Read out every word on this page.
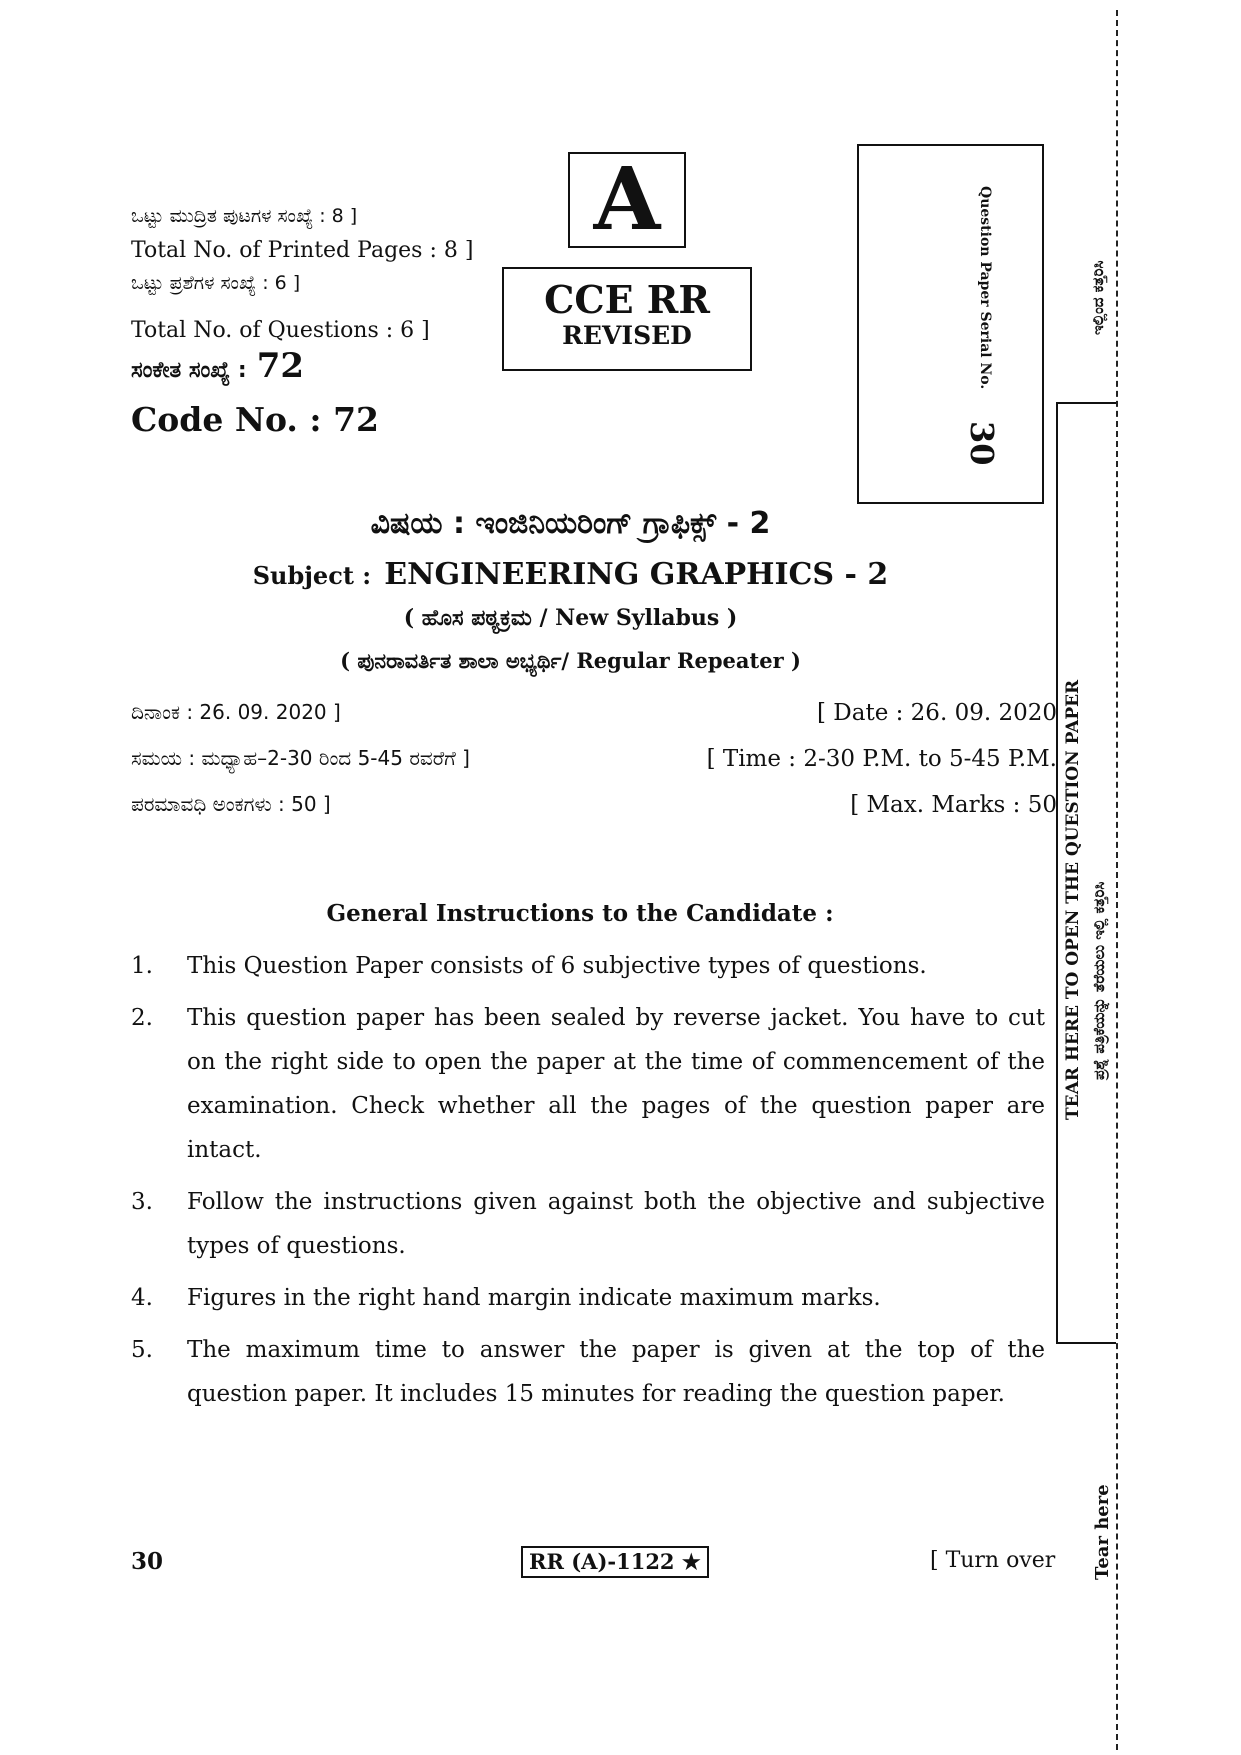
ಒಟ್ಟು ಮುದ್ರಿತ ಪುಟಗಳ ಸಂಖ್ಯೆ : 8 ]
Total No. of Printed Pages : 8 ]
ಒಟ್ಟು ಪ್ರಶೆಗಳ ಸಂಖ್ಯೆ : 6 ]
Total No. of Questions : 6 ]
ಸಂಕೇತ ಸಂಖ್ಯೆ : 72
Code No. : 72
A
CCE RR
REVISED	Question Paper Serial No.
30
ವಿಷಯ : ಇಂಜಿನಿಯರಿಂಗ್ ಗ್ರಾಫಿಕ್ಸ್ - 2
Subject : ENGINEERING GRAPHICS - 2
( ಹೊಸ ಪಠ್ಯಕ್ರಮ / New Syllabus )
( ಪುನರಾವರ್ತಿತ ಶಾಲಾ ಅಭ್ಯರ್ಥಿ/ Regular Repeater )
ದಿನಾಂಕ : 26. 09. 2020 ]	[ Date : 26. 09. 2020
ಸಮಯ : ಮಧ್ಯಾಹ–2-30 ರಿಂದ 5-45 ರವರೆಗೆ ]	[ Time : 2-30 P.M. to 5-45 P.M.
ಪರಮಾವಧಿ ಅಂಕಗಳು : 50 ]	[ Max. Marks : 50
General Instructions to the Candidate :
1.	This Question Paper consists of 6 subjective types of questions.
2.	This question paper has been sealed by reverse jacket. You have to cut on the right side to open the paper at the time of commencement of the examination. Check whether all the pages of the question paper are intact.
3.	Follow the instructions given against both the objective and subjective types of questions.
4.	Figures in the right hand margin indicate maximum marks.
5.	The maximum time to answer the paper is given at the top of the question paper. It includes 15 minutes for reading the question paper.
ಇಲ್ಲಿಂದ ಕತ್ತರಿಸಿ
TEAR HERE TO OPEN THE QUESTION PAPER ಪ್ರಶ್ನೆ ಪತ್ರಿಕೆಯನ್ನು ತೆರೆಯಲು ಇಲ್ಲಿ ಕತ್ತರಿಸಿ
Tear here
30	RR (A)-1122 ★	[ Turn over
